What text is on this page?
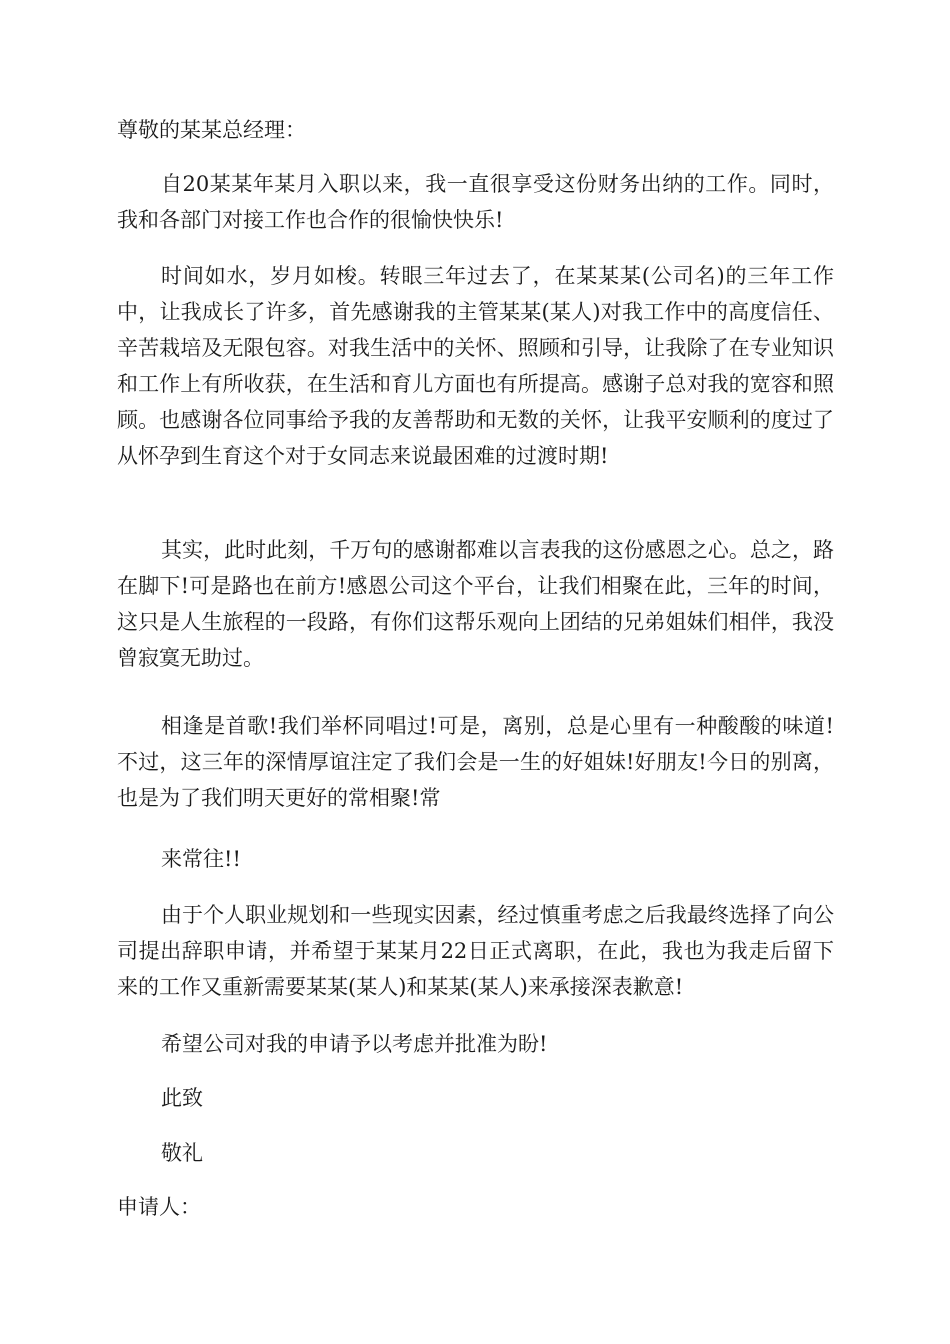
尊敬的某某总经理：

自20某某年某月入职以来，我一直很享受这份财务出纳的工作。同时，我和各部门对接工作也合作的很愉快快乐!

时间如水，岁月如梭。转眼三年过去了，在某某某(公司名)的三年工作中，让我成长了许多，首先感谢我的主管某某(某人)对我工作中的高度信任、辛苦栽培及无限包容。对我生活中的关怀、照顾和引导，让我除了在专业知识和工作上有所收获，在生活和育儿方面也有所提高。感谢子总对我的宽容和照顾。也感谢各位同事给予我的友善帮助和无数的关怀，让我平安顺利的度过了从怀孕到生育这个对于女同志来说最困难的过渡时期!

其实，此时此刻，千万句的感谢都难以言表我的这份感恩之心。总之，路在脚下!可是路也在前方!感恩公司这个平台，让我们相聚在此，三年的时间，这只是人生旅程的一段路，有你们这帮乐观向上团结的兄弟姐妹们相伴，我没曾寂寞无助过。

相逢是首歌!我们举杯同唱过!可是，离别，总是心里有一种酸酸的味道!不过，这三年的深情厚谊注定了我们会是一生的好姐妹!好朋友!今日的别离，也是为了我们明天更好的常相聚!常

来常往!!

由于个人职业规划和一些现实因素，经过慎重考虑之后我最终选择了向公司提出辞职申请，并希望于某某月22日正式离职，在此，我也为我走后留下来的工作又重新需要某某(某人)和某某(某人)来承接深表歉意!

希望公司对我的申请予以考虑并批准为盼!

此致

敬礼

申请人：
